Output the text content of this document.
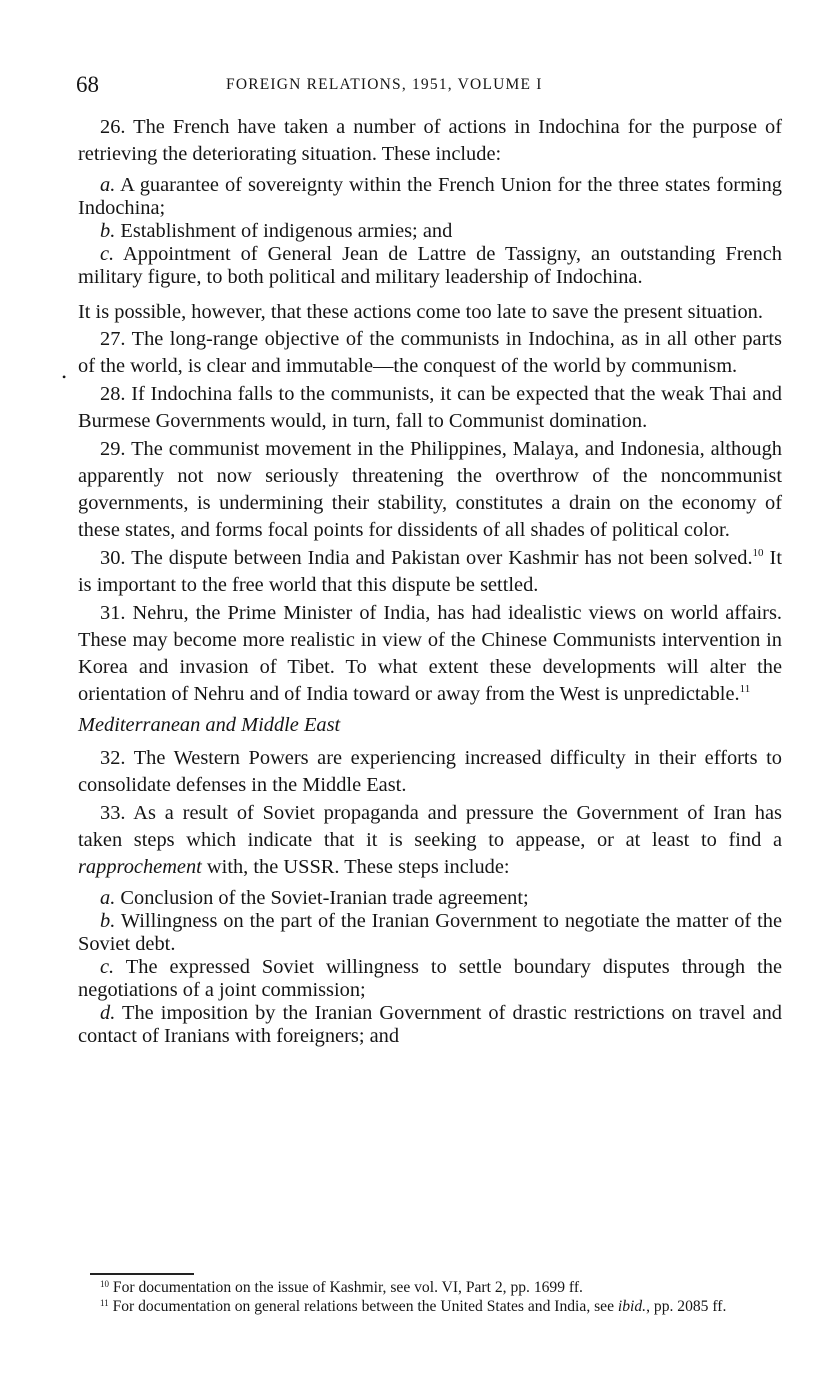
68	FOREIGN RELATIONS, 1951, VOLUME I
•

26. The French have taken a number of actions in Indochina for the purpose of retrieving the deteriorating situation. These include:

a. A guarantee of sovereignty within the French Union for the three states forming Indochina;

b. Establishment of indigenous armies; and

c. Appointment of General Jean de Lattre de Tassigny, an outstanding French military figure, to both political and military leadership of Indochina.

It is possible, however, that these actions come too late to save the present situation.

27. The long-range objective of the communists in Indochina, as in all other parts of the world, is clear and immutable—the conquest of the world by communism.

28. If Indochina falls to the communists, it can be expected that the weak Thai and Burmese Governments would, in turn, fall to Communist domination.

29. The communist movement in the Philippines, Malaya, and Indonesia, although apparently not now seriously threatening the overthrow of the noncommunist governments, is undermining their stability, constitutes a drain on the economy of these states, and forms focal points for dissidents of all shades of political color.

30. The dispute between India and Pakistan over Kashmir has not been solved.$^{10}$ It is important to the free world that this dispute be settled.

31. Nehru, the Prime Minister of India, has had idealistic views on world affairs. These may become more realistic in view of the Chinese Communists intervention in Korea and invasion of Tibet. To what extent these developments will alter the orientation of Nehru and of India toward or away from the West is unpredictable.$^{11}$

Mediterranean and Middle East

32. The Western Powers are experiencing increased difficulty in their efforts to consolidate defenses in the Middle East.

33. As a result of Soviet propaganda and pressure the Government of Iran has taken steps which indicate that it is seeking to appease, or at least to find a rapprochement with, the USSR. These steps include:

a. Conclusion of the Soviet-Iranian trade agreement;

b. Willingness on the part of the Iranian Government to negotiate the matter of the Soviet debt.

c. The expressed Soviet willingness to settle boundary disputes through the negotiations of a joint commission;

d. The imposition by the Iranian Government of drastic restrictions on travel and contact of Iranians with foreigners; and

$^{10}$ For documentation on the issue of Kashmir, see vol. VI, Part 2, pp. 1699 ff.

$^{11}$ For documentation on general relations between the United States and India, see ibid., pp. 2085 ff.
